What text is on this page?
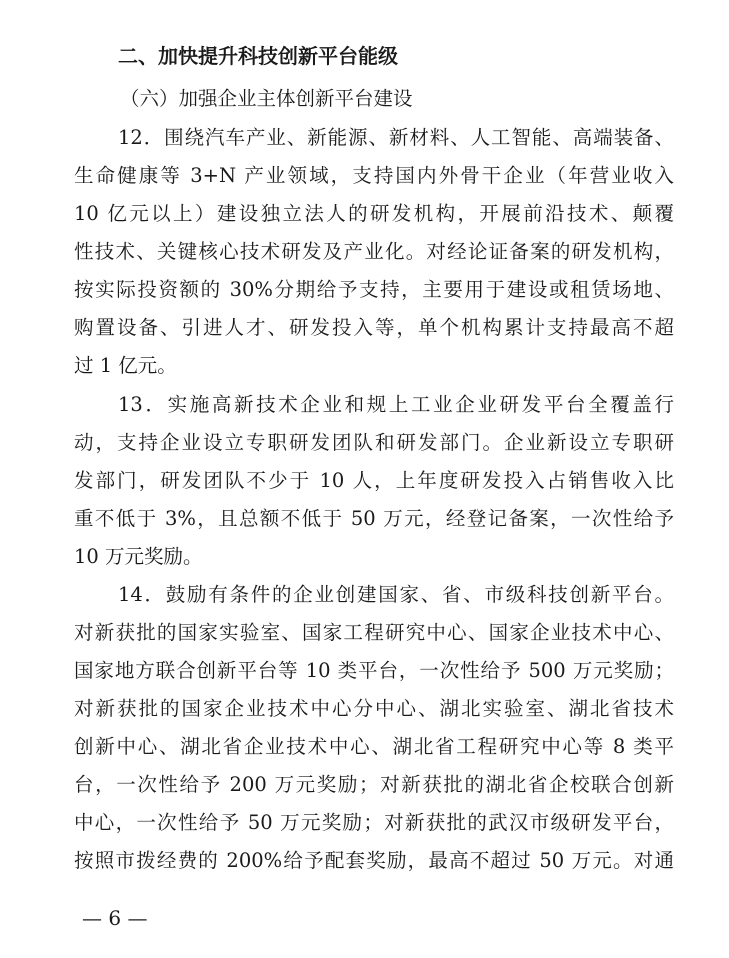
二、加快提升科技创新平台能级
（六）加强企业主体创新平台建设
12．围绕汽车产业、新能源、新材料、人工智能、高端装备、
生命健康等 3+N 产业领域，支持国内外骨干企业（年营业收入
10 亿元以上）建设独立法人的研发机构，开展前沿技术、颠覆
性技术、关键核心技术研发及产业化。对经论证备案的研发机构，
按实际投资额的 30%分期给予支持，主要用于建设或租赁场地、
购置设备、引进人才、研发投入等，单个机构累计支持最高不超
过 1 亿元。
13．实施高新技术企业和规上工业企业研发平台全覆盖行
动，支持企业设立专职研发团队和研发部门。企业新设立专职研
发部门，研发团队不少于 10 人，上年度研发投入占销售收入比
重不低于 3%，且总额不低于 50 万元，经登记备案，一次性给予
10 万元奖励。
14．鼓励有条件的企业创建国家、省、市级科技创新平台。
对新获批的国家实验室、国家工程研究中心、国家企业技术中心、
国家地方联合创新平台等 10 类平台，一次性给予 500 万元奖励；
对新获批的国家企业技术中心分中心、湖北实验室、湖北省技术
创新中心、湖北省企业技术中心、湖北省工程研究中心等 8 类平
台，一次性给予 200 万元奖励；对新获批的湖北省企校联合创新
中心，一次性给予 50 万元奖励；对新获批的武汉市级研发平台，
按照市拨经费的 200%给予配套奖励，最高不超过 50 万元。对通
— 6 —
